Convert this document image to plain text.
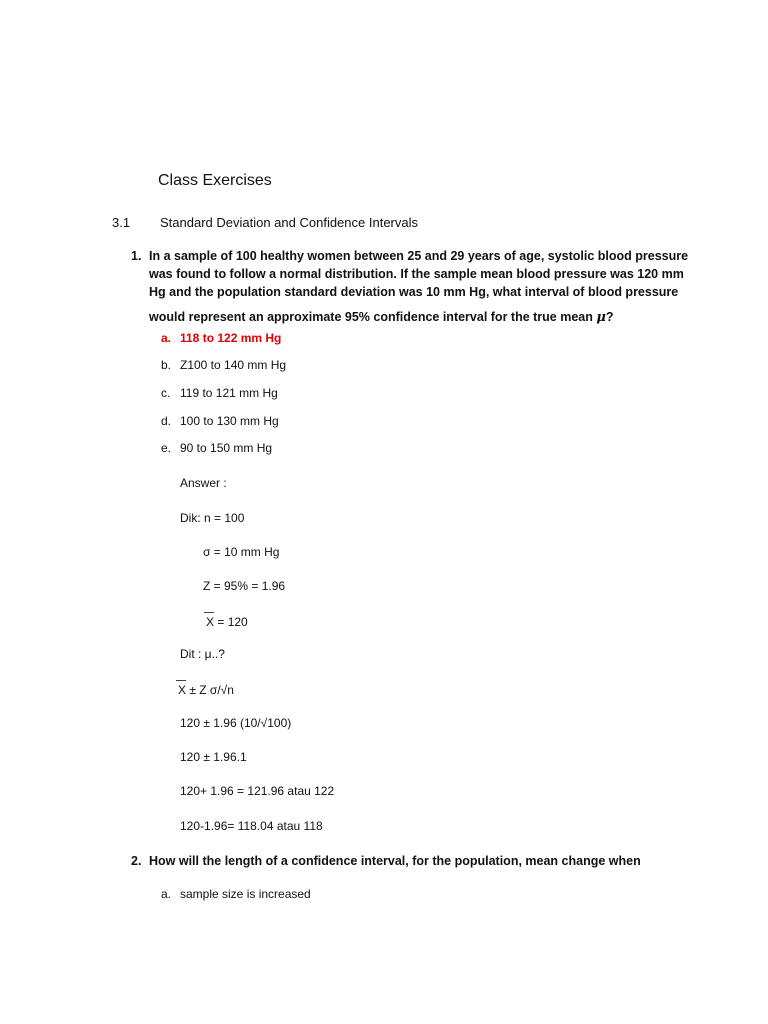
Class Exercises
3.1 Standard Deviation and Confidence Intervals
1. In a sample of 100 healthy women between 25 and 29 years of age, systolic blood pressure
was found to follow a normal distribution. If the sample mean blood pressure was 120 mm
Hg and the population standard deviation was 10 mm Hg, what interval of blood pressure
would represent an approximate 95% confidence interval for the true mean μ?
a. 118 to 122 mm Hg
b. Z100 to 140 mm Hg
c. 119 to 121 mm Hg
d. 100 to 130 mm Hg
e. 90 to 150 mm Hg
Answer :
Dik: n = 100
σ = 10 mm Hg
Z = 95% = 1.96
X = 120
Dit : μ..?
X ± Z σ/√n
120 ± 1.96 (10/√100)
120 ± 1.96.1
120+ 1.96 = 121.96 atau 122
120-1.96= 118.04 atau 118
2. How will the length of a confidence interval, for the population, mean change when
a. sample size is increased
